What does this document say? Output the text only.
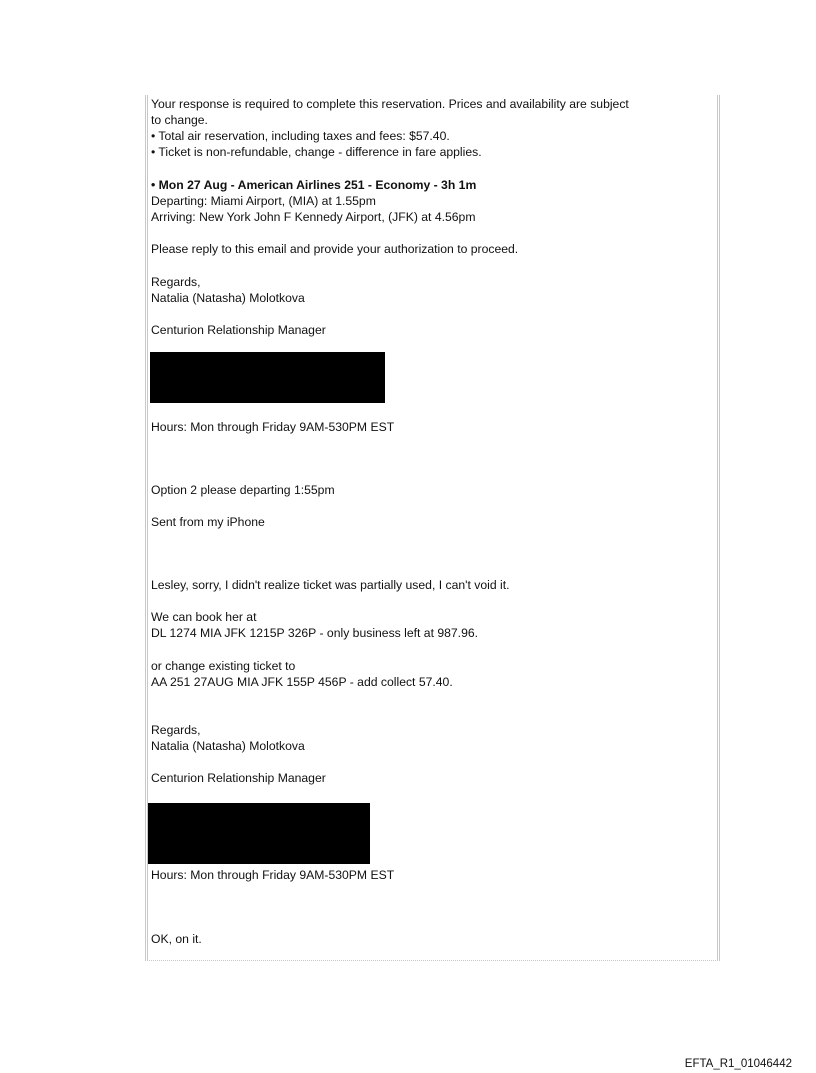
Your response is required to complete this reservation. Prices and availability are subject
to change.
• Total air reservation, including taxes and fees: $57.40.
• Ticket is non-refundable, change - difference in fare applies.
• Mon 27 Aug - American Airlines 251 - Economy - 3h 1m
Departing: Miami Airport, (MIA) at 1.55pm
Arriving: New York John F Kennedy Airport, (JFK) at 4.56pm
Please reply to this email and provide your authorization to proceed.
Regards,
Natalia (Natasha) Molotkova
Centurion Relationship Manager
Hours: Mon through Friday 9AM-530PM EST
Option 2 please departing 1:55pm
Sent from my iPhone
Lesley, sorry, I didn't realize ticket was partially used, I can't void it.
We can book her at
DL 1274 MIA JFK 1215P 326P - only business left at 987.96.
or change existing ticket to
AA 251 27AUG MIA JFK 155P 456P - add collect 57.40.
Regards,
Natalia (Natasha) Molotkova
Centurion Relationship Manager
Hours: Mon through Friday 9AM-530PM EST
OK, on it.
EFTA_R1_01046442
